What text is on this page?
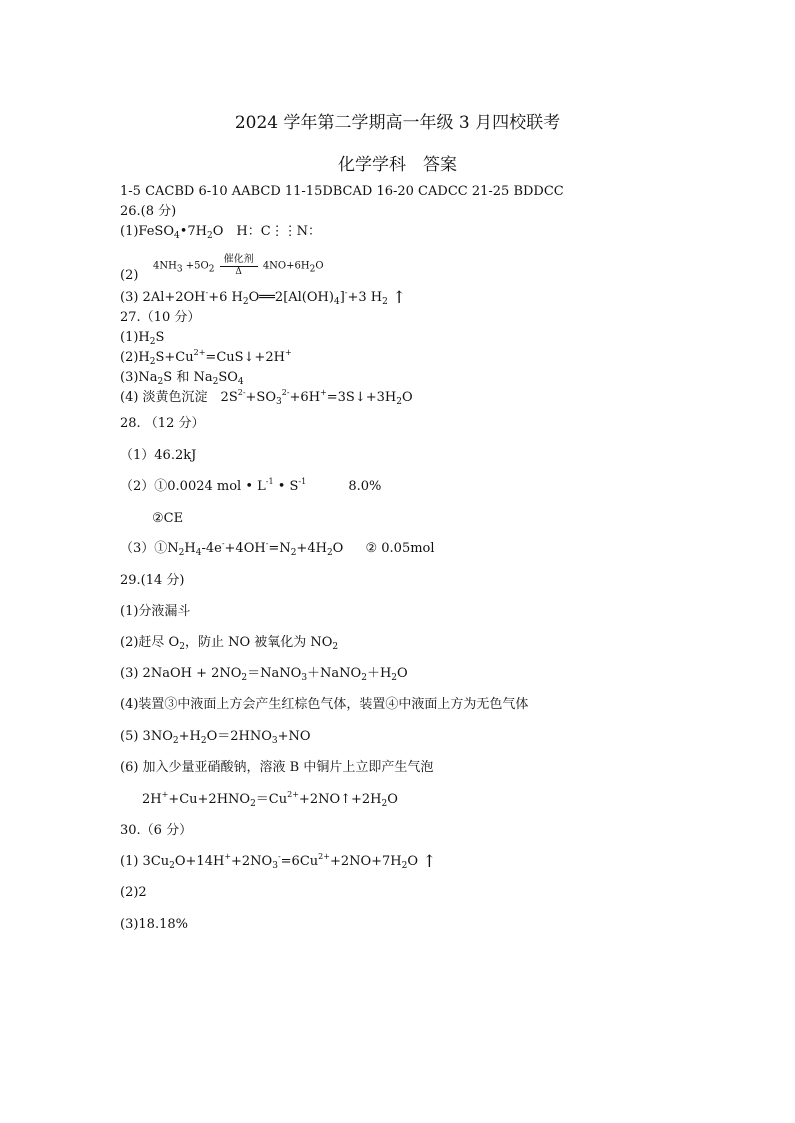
2024 学年第二学期高一年级 3 月四校联考
化学学科　答案
1-5 CACBD 6-10 AABCD 11-15DBCAD 16-20 CADCC 21-25 BDDCC
26.(8 分)
$(1)FeSO_4•7H_2O$　H：C⋮⋮N：
(2)
$4NH_3 +5O_2 \frac{\text{催化剂}}{\Delta} 4NO+6H_2O$
(3) 2Al+2OH-+6 $H_2O══2[Al(OH)_4]^-+3$ $H_2$ ↑
27.（10 分）
$(1)H_2S$
$(2)H_2S+Cu^{2+}=CuS↓+2H^+$
$(3)Na_2S$ 和 $Na_2SO_4$
(4) 淡黄色沉淀　$2S^{2-}+SO_3^{2-}+6H^+=3S↓+3H_2O$
28. （12 分）
（1）46.2kJ
（2）①0.0024 mol • $L^{-1}$ • $S^{-1}$	8.0%
②CE
$(3)①N_2H_4-4e^-+4OH^-=N_2+4H_2O$ ② 0.05mol
29.(14 分)
(1)分液漏斗
(2)赶尽 $O_2$，防止 NO 被氧化为 $NO_2$
(3) 2NaOH + $2NO_2=NaNO_3+NaNO_2+H_2O$
(4)装置③中液面上方会产生红棕色气体，装置④中液面上方为无色气体
(5) $3NO_2+H_2O=2HNO_3+NO$
(6) 加入少量亚硝酸钠，溶液 B 中铜片上立即产生气泡
$2H^++Cu+2HNO_2=Cu^{2+}+2NO↑+2H_2O$
30.（6 分）
(1) $3Cu_2O+14H^++2NO_3^-=6Cu^{2+}+2NO+7H_2O$ ↑
(2)2
(3)18.18%
